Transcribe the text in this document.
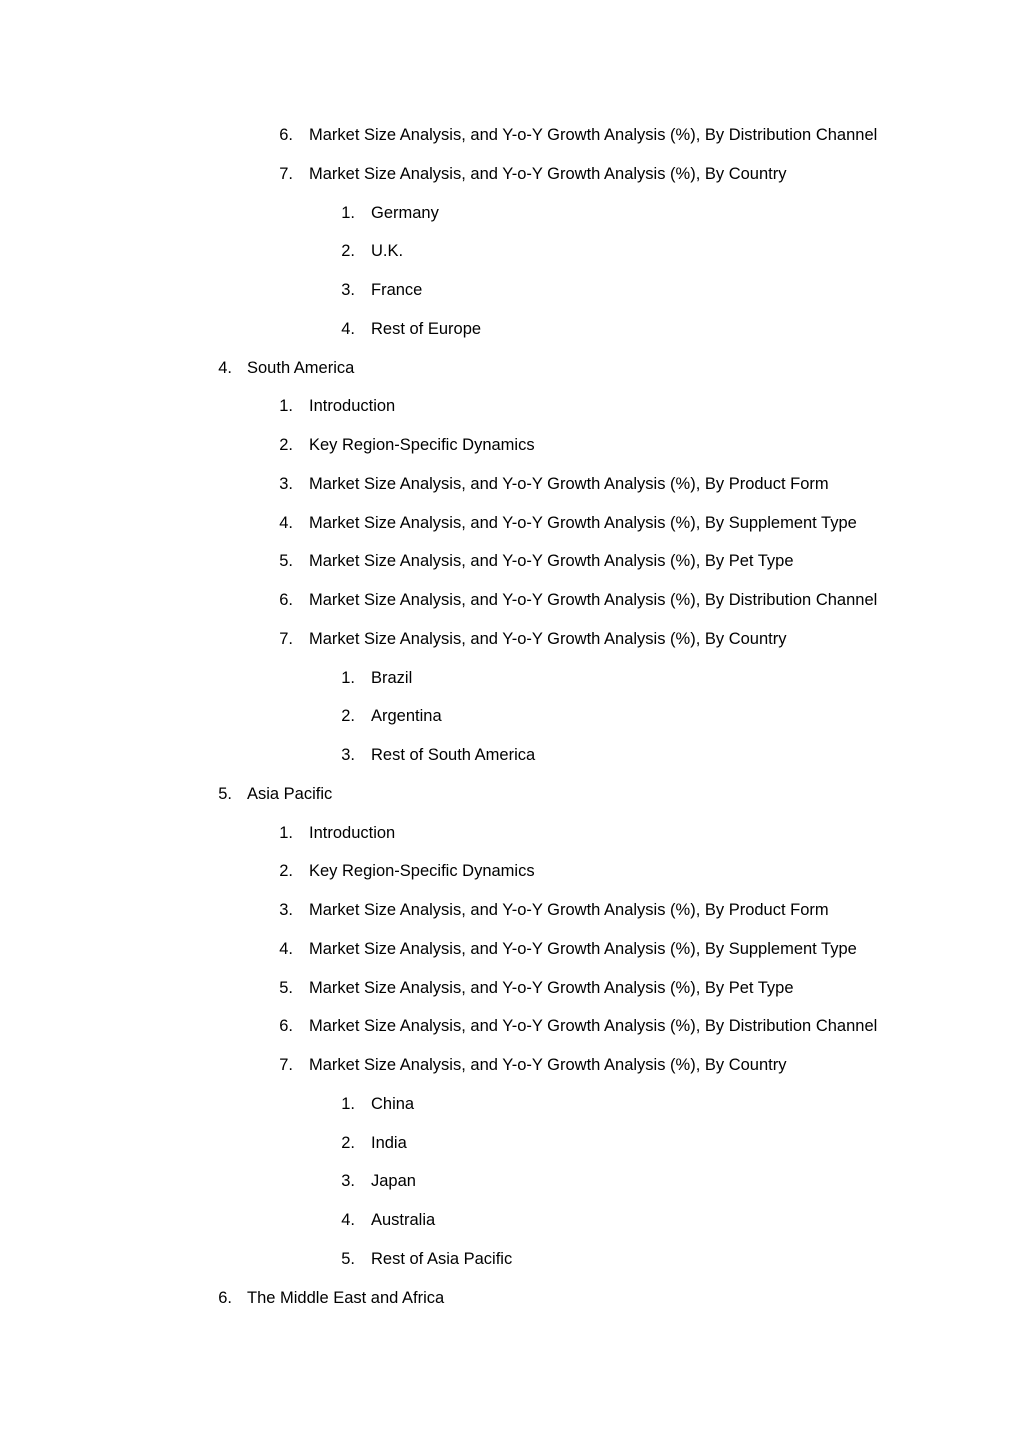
6. Market Size Analysis, and Y-o-Y Growth Analysis (%), By Distribution Channel
7. Market Size Analysis, and Y-o-Y Growth Analysis (%), By Country
1. Germany
2. U.K.
3. France
4. Rest of Europe
4. South America
1. Introduction
2. Key Region-Specific Dynamics
3. Market Size Analysis, and Y-o-Y Growth Analysis (%), By Product Form
4. Market Size Analysis, and Y-o-Y Growth Analysis (%), By Supplement Type
5. Market Size Analysis, and Y-o-Y Growth Analysis (%), By Pet Type
6. Market Size Analysis, and Y-o-Y Growth Analysis (%), By Distribution Channel
7. Market Size Analysis, and Y-o-Y Growth Analysis (%), By Country
1. Brazil
2. Argentina
3. Rest of South America
5. Asia Pacific
1. Introduction
2. Key Region-Specific Dynamics
3. Market Size Analysis, and Y-o-Y Growth Analysis (%), By Product Form
4. Market Size Analysis, and Y-o-Y Growth Analysis (%), By Supplement Type
5. Market Size Analysis, and Y-o-Y Growth Analysis (%), By Pet Type
6. Market Size Analysis, and Y-o-Y Growth Analysis (%), By Distribution Channel
7. Market Size Analysis, and Y-o-Y Growth Analysis (%), By Country
1. China
2. India
3. Japan
4. Australia
5. Rest of Asia Pacific
6. The Middle East and Africa
